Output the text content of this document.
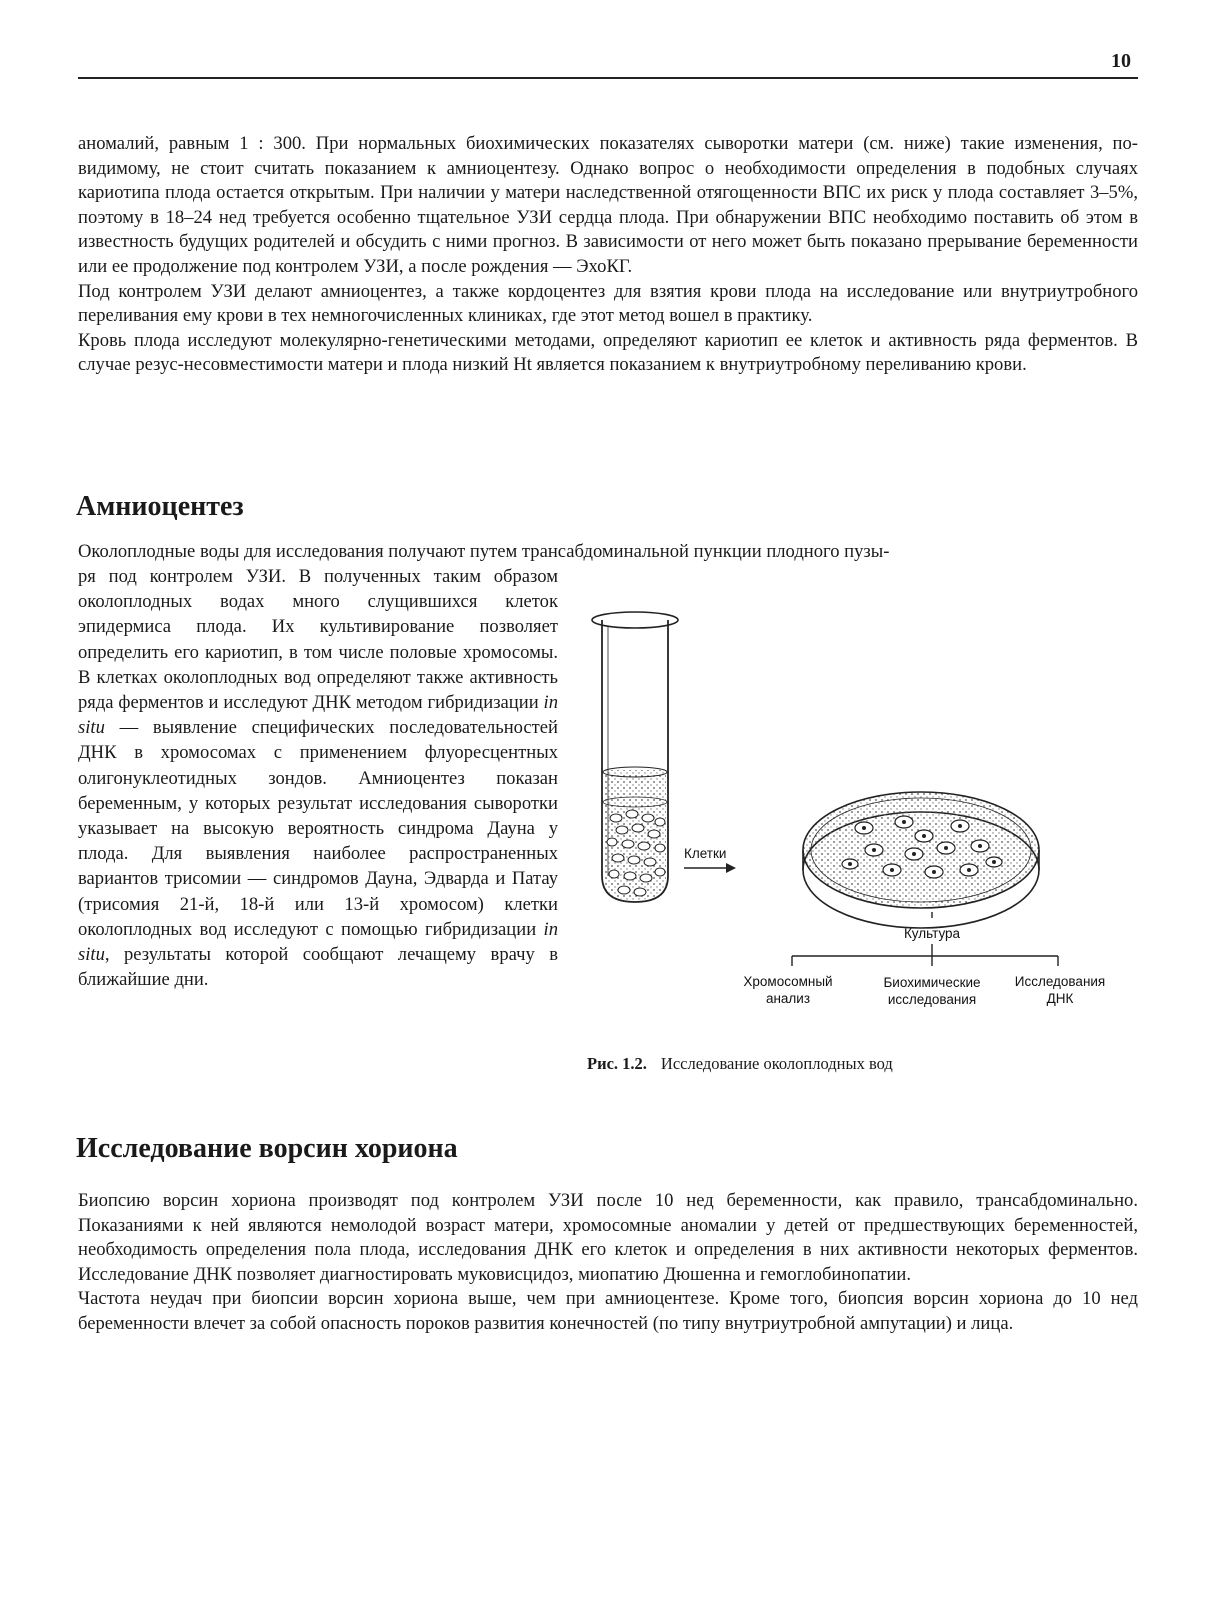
10

аномалий, равным 1 : 300. При нормальных биохимических показателях сыворотки матери (см. ниже) такие изменения, по-видимому, не стоит считать показанием к амниоцентезу. Однако вопрос о необходимости определения в подобных случаях кариотипа плода остается открытым. При наличии у матери наследственной отягощенности ВПС их риск у плода составляет 3–5%, поэтому в 18–24 нед требуется особенно тщательное УЗИ сердца плода. При обнаружении ВПС необходимо поставить об этом в известность будущих родителей и обсудить с ними прогноз. В зависимости от него может быть показано прерывание беременности или ее продолжение под контролем УЗИ, а после рождения — ЭхоКГ.

Под контролем УЗИ делают амниоцентез, а также кордоцентез для взятия крови плода на исследование или внутриутробного переливания ему крови в тех немногочисленных клиниках, где этот метод вошел в практику.

Кровь плода исследуют молекулярно-генетическими методами, определяют кариотип ее клеток и активность ряда ферментов. В случае резус-несовместимости матери и плода низкий Ht является показанием к внутриутробному переливанию крови.

Амниоцентез
Околоплодные воды для исследования получают путем трансабдоминальной пункции плодного пузы-

ря под контролем УЗИ. В полученных таким образом околоплодных водах много слущившихся клеток эпидермиса плода. Их культивирование позволяет определить его кариотип, в том числе половые хромосомы. В клетках околоплодных вод определяют также активность ряда ферментов и исследуют ДНК методом гибридизации in situ — выявление специфических последовательностей ДНК в хромосомах с применением флуоресцентных олигонуклеотидных зондов. Амниоцентез показан беременным, у которых результат исследования сыворотки указывает на высокую вероятность синдрома Дауна у плода. Для выявления наиболее распространенных вариантов трисомии — синдромов Дауна, Эдварда и Патау (трисомия 21-й, 18-й или 13-й хромосом) клетки околоплодных вод исследуют с помощью гибридизации in situ, результаты которой сообщают лечащему врачу в ближайшие дни.

Клетки
Культура
Хромосомный
анализ
Биохимические
исследования
Исследования
ДНК
Рис. 1.2. Исследование околоплодных вод
Исследование ворсин хориона

Биопсию ворсин хориона производят под контролем УЗИ после 10 нед беременности, как правило, трансабдоминально. Показаниями к ней являются немолодой возраст матери, хромосомные аномалии у детей от предшествующих беременностей, необходимость определения пола плода, исследования ДНК его клеток и определения в них активности некоторых ферментов. Исследование ДНК позволяет диагностировать муковисцидоз, миопатию Дюшенна и гемоглобинопатии.

Частота неудач при биопсии ворсин хориона выше, чем при амниоцентезе. Кроме того, биопсия ворсин хориона до 10 нед беременности влечет за собой опасность пороков развития конечностей (по типу внутриутробной ампутации) и лица.
